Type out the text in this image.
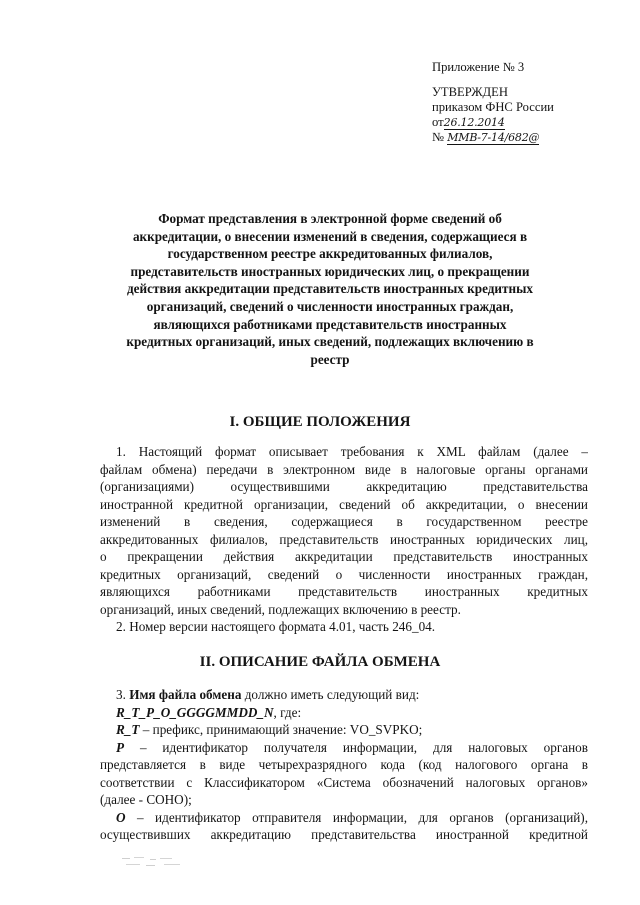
Приложение № 3
УТВЕРЖДЕН
приказом ФНС России
от26.12.2014
№ ММВ-7-14/682@
Формат представления в электронной форме сведений об
аккредитации, о внесении изменений в сведения, содержащиеся в
государственном реестре аккредитованных филиалов,
представительств иностранных юридических лиц, о прекращении
действия аккредитации представительств иностранных кредитных
организаций, сведений о численности иностранных граждан,
являющихся работниками представительств иностранных
кредитных организаций, иных сведений, подлежащих включению в
реестр
I. ОБЩИЕ ПОЛОЖЕНИЯ
1. Настоящий формат описывает требования к XML файлам (далее –
файлам обмена) передачи в электронном виде в налоговые органы органами
(организациями) осуществившими аккредитацию представительства
иностранной кредитной организации, сведений об аккредитации, о внесении
изменений в сведения, содержащиеся в государственном реестре
аккредитованных филиалов, представительств иностранных юридических лиц,
о прекращении действия аккредитации представительств иностранных
кредитных организаций, сведений о численности иностранных граждан,
являющихся работниками представительств иностранных кредитных
организаций, иных сведений, подлежащих включению в реестр.
2. Номер версии настоящего формата 4.01, часть 246_04.
II. ОПИСАНИЕ ФАЙЛА ОБМЕНА
3. Имя файла обмена должно иметь следующий вид:
R_T_P_O_GGGGMMDD_N, где:
R_T – префикс, принимающий значение: VO_SVPKO;
P – идентификатор получателя информации, для налоговых органов
представляется в виде четырехразрядного кода (код налогового органа в
соответствии с Классификатором «Система обозначений налоговых органов»
(далее - СОНО);
O – идентификатор отправителя информации, для органов (организаций),
осуществивших аккредитацию представительства иностранной кредитной
